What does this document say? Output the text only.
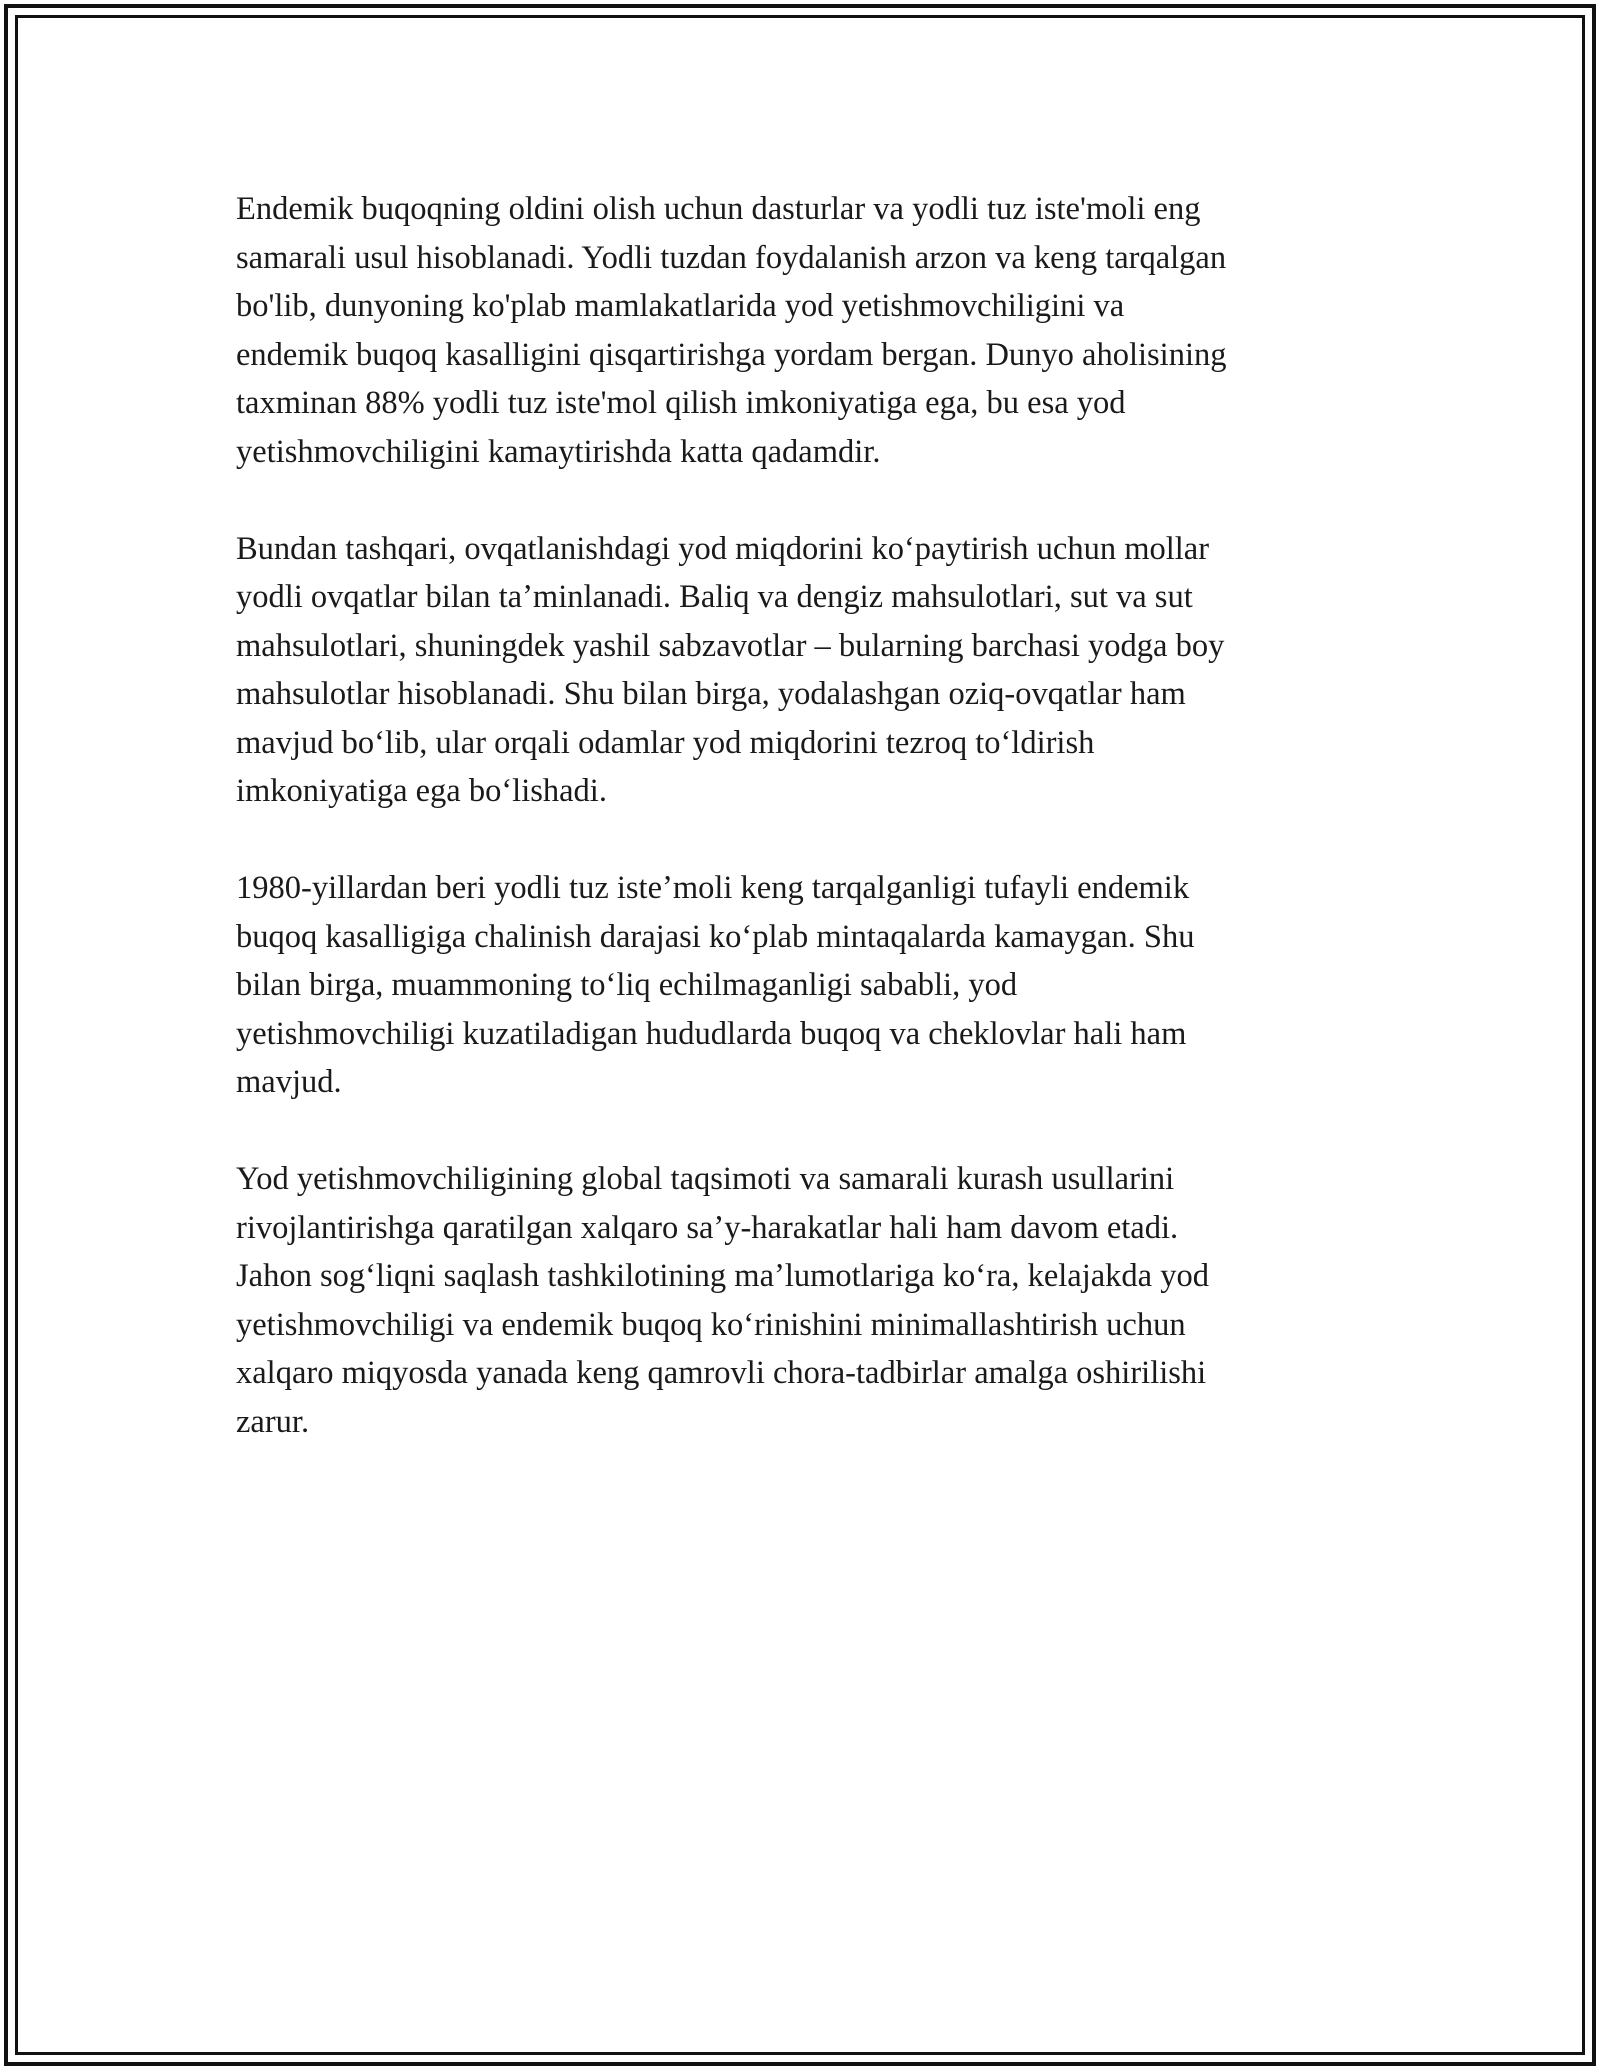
Endemik buqoqning oldini olish uchun dasturlar va yodli tuz iste'moli eng
samarali usul hisoblanadi. Yodli tuzdan foydalanish arzon va keng tarqalgan
bo'lib, dunyoning ko'plab mamlakatlarida yod yetishmovchiligini va
endemik buqoq kasalligini qisqartirishga yordam bergan. Dunyo aholisining
taxminan 88% yodli tuz iste'mol qilish imkoniyatiga ega, bu esa yod
yetishmovchiligini kamaytirishda katta qadamdir.

Bundan tashqari, ovqatlanishdagi yod miqdorini koʻpaytirish uchun mollar
yodli ovqatlar bilan taʼminlanadi. Baliq va dengiz mahsulotlari, sut va sut
mahsulotlari, shuningdek yashil sabzavotlar – bularning barchasi yodga boy
mahsulotlar hisoblanadi. Shu bilan birga, yodalashgan oziq-ovqatlar ham
mavjud boʻlib, ular orqali odamlar yod miqdorini tezroq toʻldirish
imkoniyatiga ega boʻlishadi.

1980-yillardan beri yodli tuz isteʼmoli keng tarqalganligi tufayli endemik
buqoq kasalligiga chalinish darajasi koʻplab mintaqalarda kamaygan. Shu
bilan birga, muammoning toʻliq echilmaganligi sababli, yod
yetishmovchiligi kuzatiladigan hududlarda buqoq va cheklovlar hali ham
mavjud.

Yod yetishmovchiligining global taqsimoti va samarali kurash usullarini
rivojlantirishga qaratilgan xalqaro saʼy-harakatlar hali ham davom etadi.
Jahon sogʻliqni saqlash tashkilotining maʼlumotlariga koʻra, kelajakda yod
yetishmovchiligi va endemik buqoq koʻrinishini minimallashtirish uchun
xalqaro miqyosda yanada keng qamrovli chora-tadbirlar amalga oshirilishi
zarur.
